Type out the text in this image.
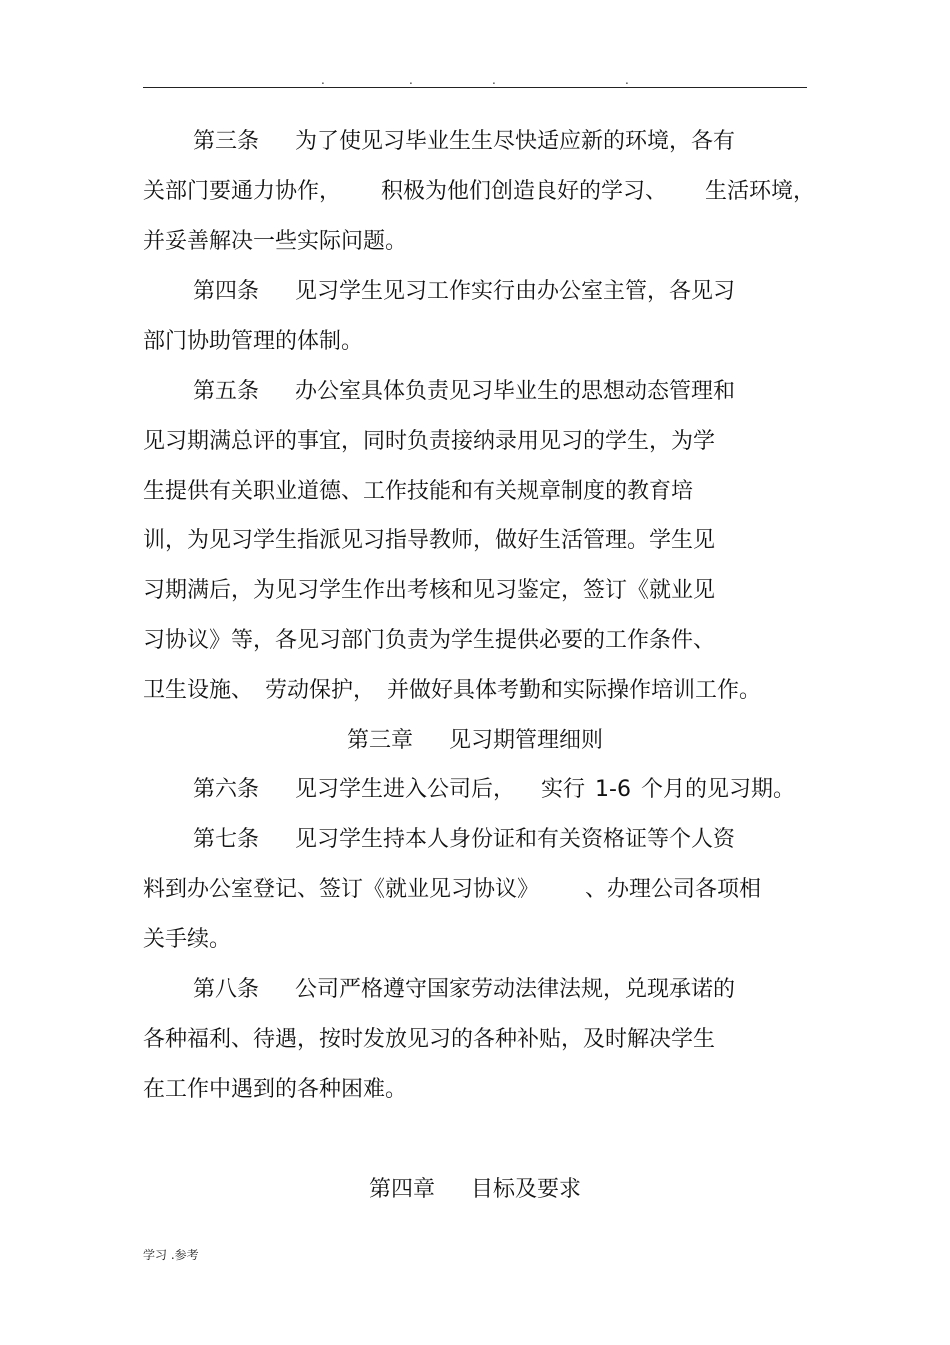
.	.	.	.
第三条 为了使见习毕业生生尽快适应新的环境，各有
关部门要通力协作， 积极为他们创造良好的学习、 生活环境，
并妥善解决一些实际问题。
第四条 见习学生见习工作实行由办公室主管，各见习
部门协助管理的体制。
第五条 办公室具体负责见习毕业生的思想动态管理和
见习期满总评的事宜，同时负责接纳录用见习的学生，为学
生提供有关职业道德、工作技能和有关规章制度的教育培
训，为见习学生指派见习指导教师，做好生活管理。学生见
习期满后，为见习学生作出考核和见习鉴定，签订《就业见
习协议》等，各见习部门负责为学生提供必要的工作条件、
卫生设施、 劳动保护， 并做好具体考勤和实际操作培训工作。
第三章 见习期管理细则
第六条 见习学生进入公司后， 实行 1-6 个月的见习期。
第七条 见习学生持本人身份证和有关资格证等个人资
料到办公室登记、签订《就业见习协议》 、办理公司各项相
关手续。
第八条 公司严格遵守国家劳动法律法规，兑现承诺的
各种福利、待遇，按时发放见习的各种补贴，及时解决学生
在工作中遇到的各种困难。
第四章 目标及要求
学习 .参考
